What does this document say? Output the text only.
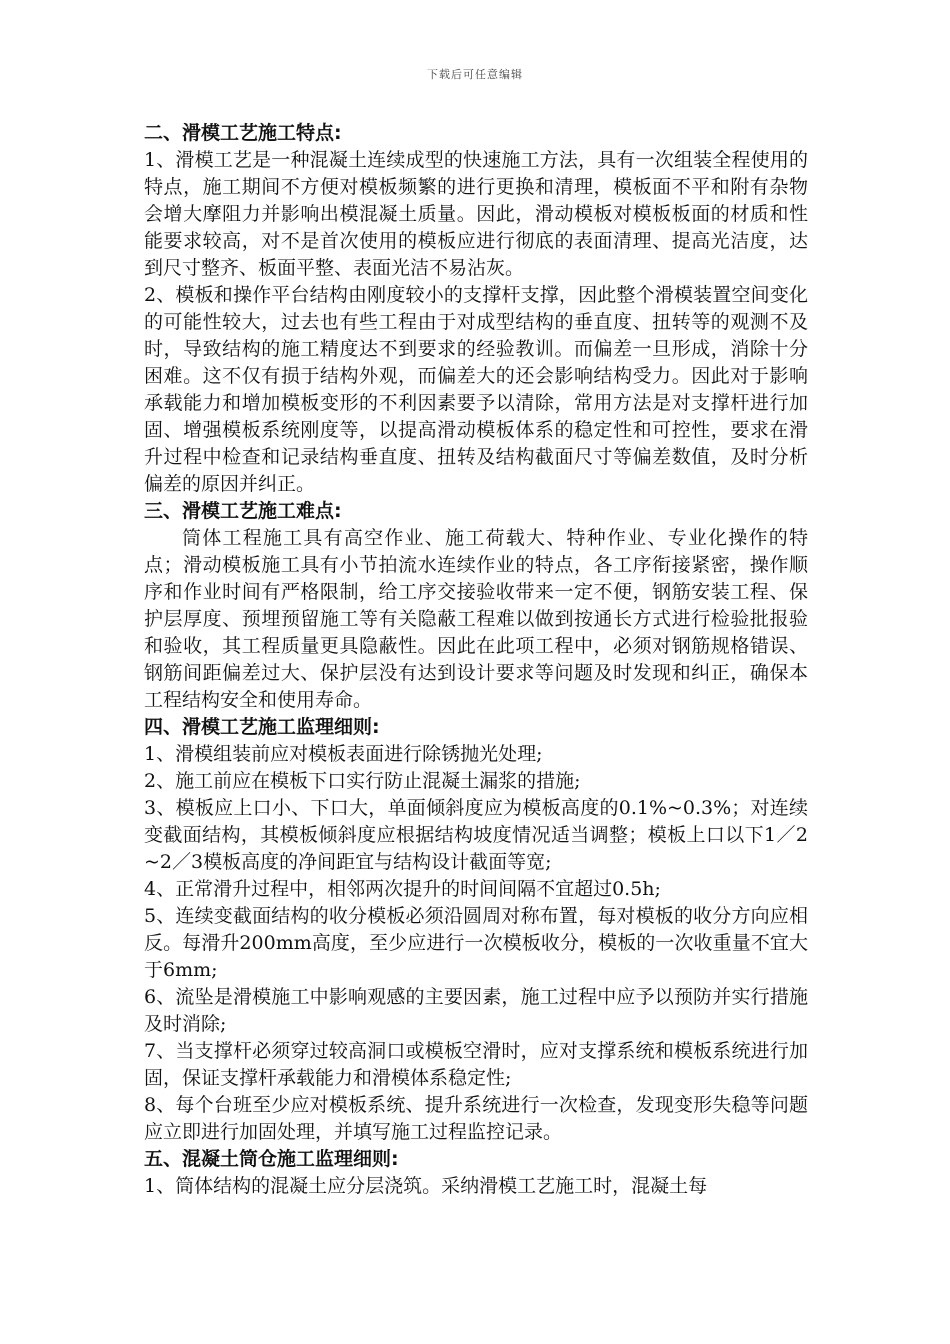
下载后可任意编辑

二、滑模工艺施工特点:

1、滑模工艺是一种混凝土连续成型的快速施工方法，具有一次组装全程使用的特点，施工期间不方便对模板频繁的进行更换和清理，模板面不平和附有杂物会增大摩阻力并影响出模混凝土质量。因此，滑动模板对模板板面的材质和性能要求较高，对不是首次使用的模板应进行彻底的表面清理、提高光洁度，达到尺寸整齐、板面平整、表面光洁不易沾灰。

2、模板和操作平台结构由刚度较小的支撑杆支撑，因此整个滑模装置空间变化的可能性较大，过去也有些工程由于对成型结构的垂直度、扭转等的观测不及时，导致结构的施工精度达不到要求的经验教训。而偏差一旦形成，消除十分困难。这不仅有损于结构外观，而偏差大的还会影响结构受力。因此对于影响承载能力和增加模板变形的不利因素要予以清除，常用方法是对支撑杆进行加固、增强模板系统刚度等，以提高滑动模板体系的稳定性和可控性，要求在滑升过程中检查和记录结构垂直度、扭转及结构截面尺寸等偏差数值，及时分析偏差的原因并纠正。

三、滑模工艺施工难点:

筒体工程施工具有高空作业、施工荷载大、特种作业、专业化操作的特点；滑动模板施工具有小节拍流水连续作业的特点，各工序衔接紧密，操作顺序和作业时间有严格限制，给工序交接验收带来一定不便，钢筋安装工程、保护层厚度、预埋预留施工等有关隐蔽工程难以做到按通长方式进行检验批报验和验收，其工程质量更具隐蔽性。因此在此项工程中，必须对钢筋规格错误、钢筋间距偏差过大、保护层没有达到设计要求等问题及时发现和纠正，确保本工程结构安全和使用寿命。

四、滑模工艺施工监理细则:

1、滑模组装前应对模板表面进行除锈抛光处理;

2、施工前应在模板下口实行防止混凝土漏浆的措施;

3、模板应上口小、下口大，单面倾斜度应为模板高度的0.1%~0.3%；对连续变截面结构，其模板倾斜度应根据结构坡度情况适当调整；模板上口以下1／2~2／3模板高度的净间距宜与结构设计截面等宽;

4、正常滑升过程中，相邻两次提升的时间间隔不宜超过0.5h;

5、连续变截面结构的收分模板必须沿圆周对称布置，每对模板的收分方向应相反。每滑升200mm高度，至少应进行一次模板收分，模板的一次收重量不宜大于6mm;

6、流坠是滑模施工中影响观感的主要因素，施工过程中应予以预防并实行措施及时消除;

7、当支撑杆必须穿过较高洞口或模板空滑时，应对支撑系统和模板系统进行加固，保证支撑杆承载能力和滑模体系稳定性;

8、每个台班至少应对模板系统、提升系统进行一次检查，发现变形失稳等问题应立即进行加固处理，并填写施工过程监控记录。

五、混凝土筒仓施工监理细则:

1、筒体结构的混凝土应分层浇筑。采纳滑模工艺施工时，混凝土每
